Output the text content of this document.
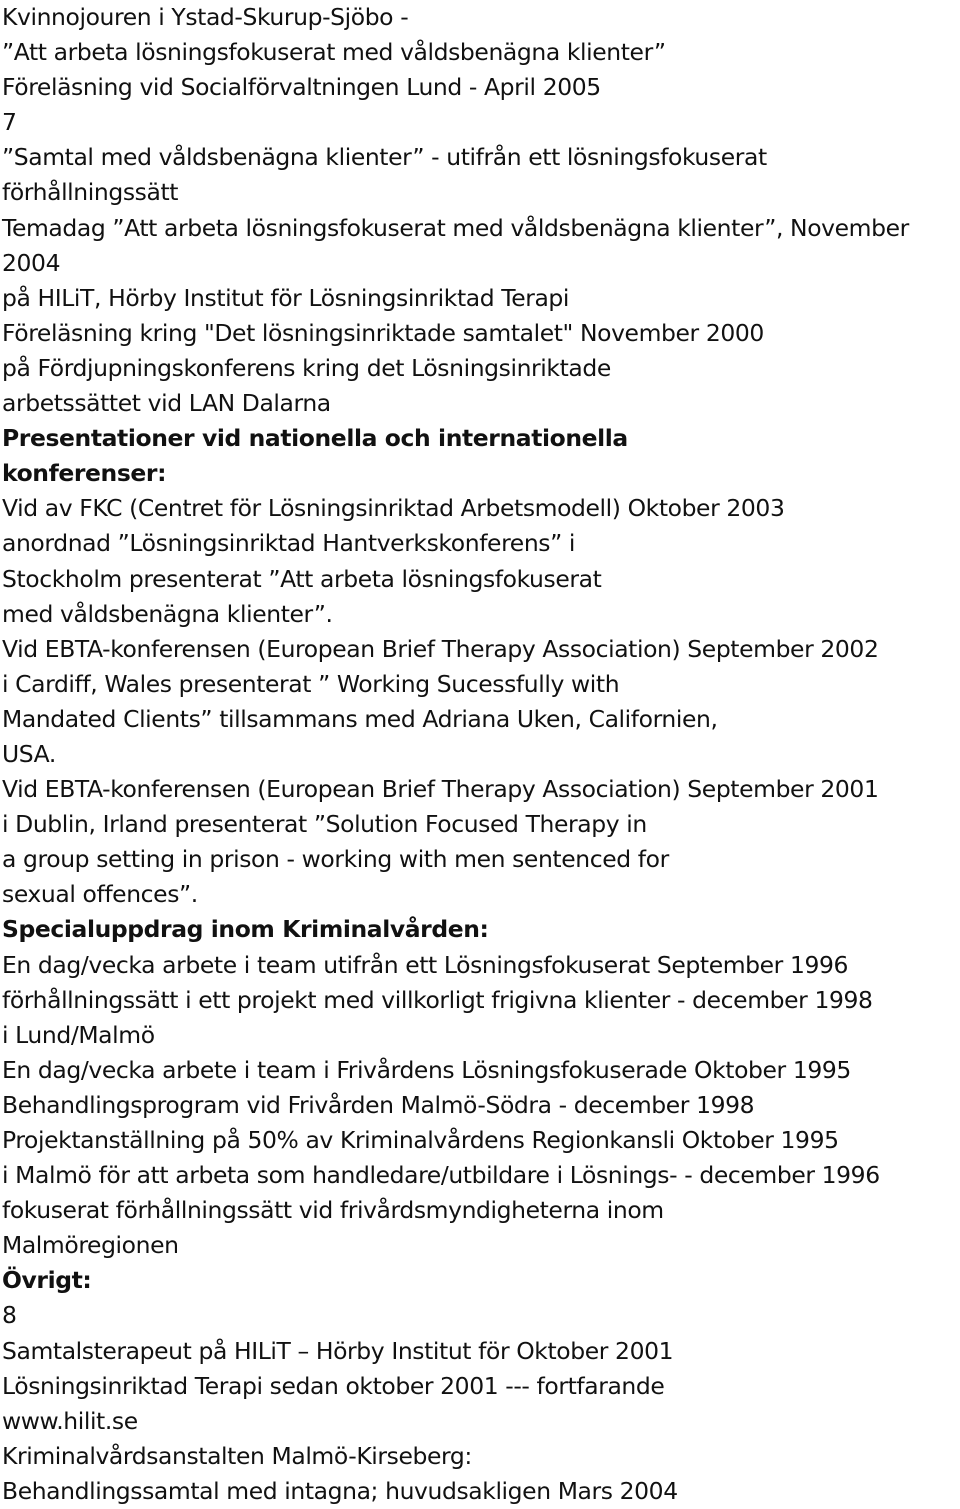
Kvinnojouren i Ystad-Skurup-Sjöbo -
”Att arbeta lösningsfokuserat med våldsbenägna klienter”
Föreläsning vid Socialförvaltningen Lund - April 2005
7
”Samtal med våldsbenägna klienter” - utifrån ett lösningsfokuserat
förhållningssätt
Temadag ”Att arbeta lösningsfokuserat med våldsbenägna klienter”, November
2004
på HILiT, Hörby Institut för Lösningsinriktad Terapi
Föreläsning kring "Det lösningsinriktade samtalet" November 2000
på Fördjupningskonferens kring det Lösningsinriktade
arbetssättet vid LAN Dalarna
Presentationer vid nationella och internationella
konferenser:
Vid av FKC (Centret för Lösningsinriktad Arbetsmodell) Oktober 2003
anordnad ”Lösningsinriktad Hantverkskonferens” i
Stockholm presenterat ”Att arbeta lösningsfokuserat
med våldsbenägna klienter”.
Vid EBTA-konferensen (European Brief Therapy Association) September 2002
i Cardiff, Wales presenterat ” Working Sucessfully with
Mandated Clients” tillsammans med Adriana Uken, Californien,
USA.
Vid EBTA-konferensen (European Brief Therapy Association) September 2001
i Dublin, Irland presenterat ”Solution Focused Therapy in
a group setting in prison - working with men sentenced for
sexual offences”.
Specialuppdrag inom Kriminalvården:
En dag/vecka arbete i team utifrån ett Lösningsfokuserat September 1996
förhållningssätt i ett projekt med villkorligt frigivna klienter - december 1998
i Lund/Malmö
En dag/vecka arbete i team i Frivårdens Lösningsfokuserade Oktober 1995
Behandlingsprogram vid Frivården Malmö-Södra - december 1998
Projektanställning på 50% av Kriminalvårdens Regionkansli Oktober 1995
i Malmö för att arbeta som handledare/utbildare i Lösnings- - december 1996
fokuserat förhållningssätt vid frivårdsmyndigheterna inom
Malmöregionen
Övrigt:
8
Samtalsterapeut på HILiT – Hörby Institut för Oktober 2001
Lösningsinriktad Terapi sedan oktober 2001 --- fortfarande
www.hilit.se
Kriminalvårdsanstalten Malmö-Kirseberg:
Behandlingssamtal med intagna; huvudsakligen Mars 2004
